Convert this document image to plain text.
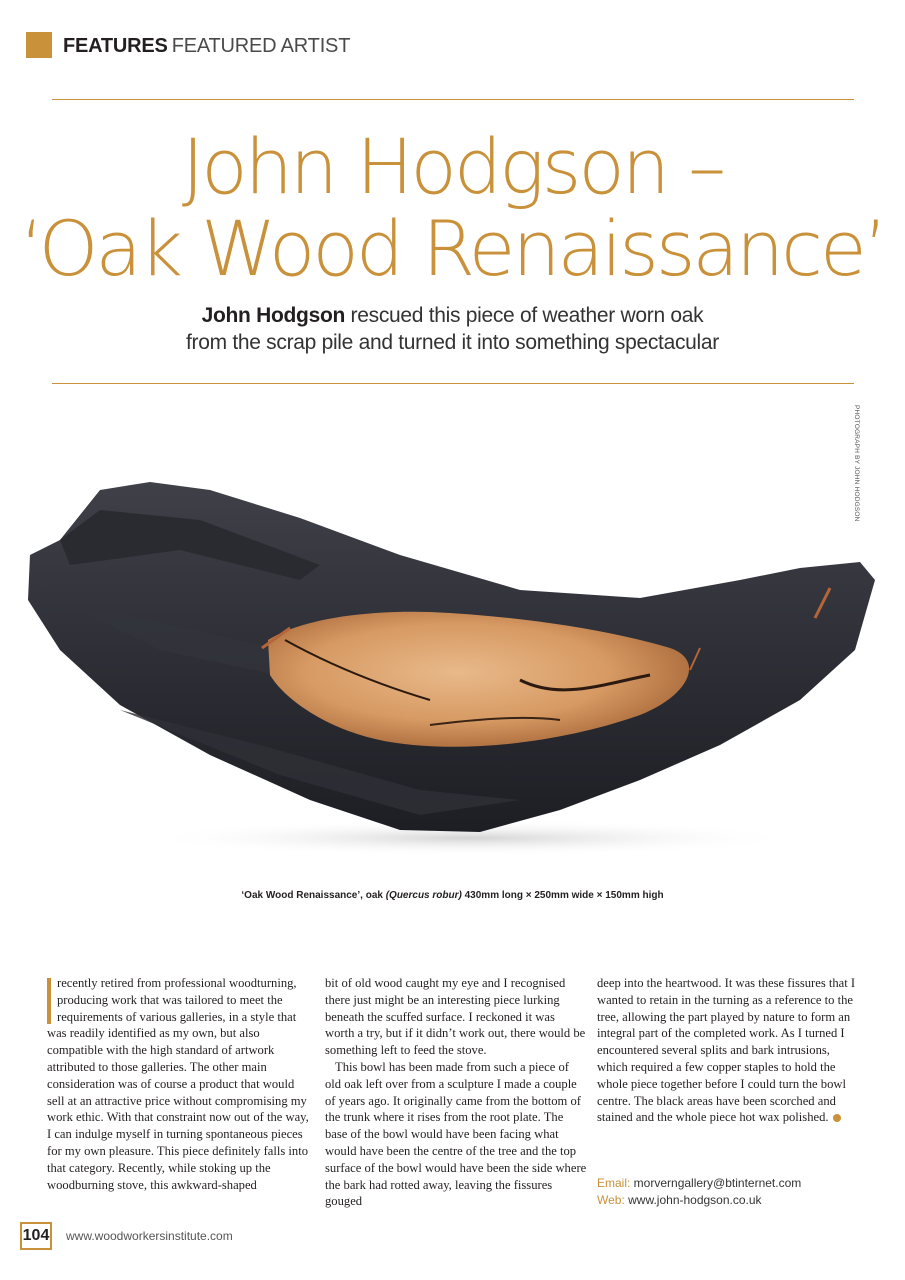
FEATURES FEATURED ARTIST
John Hodgson –
‘Oak Wood Renaissance’
John Hodgson rescued this piece of weather worn oak
from the scrap pile and turned it into something spectacular
PHOTOGRAPH BY JOHN HODGSON
‘Oak Wood Renaissance’, oak (Quercus robur) 430mm long × 250mm wide × 150mm high

recently retired from professional woodturning, producing work that was tailored to meet the requirements of various galleries, in a style that was readily identified as my own, but also compatible with the high standard of artwork attributed to those galleries. The other main consideration was of course a product that would sell at an attractive price without compromising my work ethic. With that constraint now out of the way, I can indulge myself in turning spontaneous pieces for my own pleasure. This piece definitely falls into that category. Recently, while stoking up the woodburning stove, this awkward-shaped

bit of old wood caught my eye and I recognised there just might be an interesting piece lurking beneath the scuffed surface. I reckoned it was worth a try, but if it didn’t work out, there would be something left to feed the stove.

This bowl has been made from such a piece of old oak left over from a sculpture I made a couple of years ago. It originally came from the bottom of the trunk where it rises from the root plate. The base of the bowl would have been facing what would have been the centre of the tree and the top surface of the bowl would have been the side where the bark had rotted away, leaving the fissures gouged

deep into the heartwood. It was these fissures that I wanted to retain in the turning as a reference to the tree, allowing the part played by nature to form an integral part of the completed work. As I turned I encountered several splits and bark intrusions, which required a few copper staples to hold the whole piece together before I could turn the bowl centre. The black areas have been scorched and stained and the whole piece hot wax polished.

Email: morverngallery@btinternet.com
Web: www.john-hodgson.co.uk
104 www.woodworkersinstitute.com
